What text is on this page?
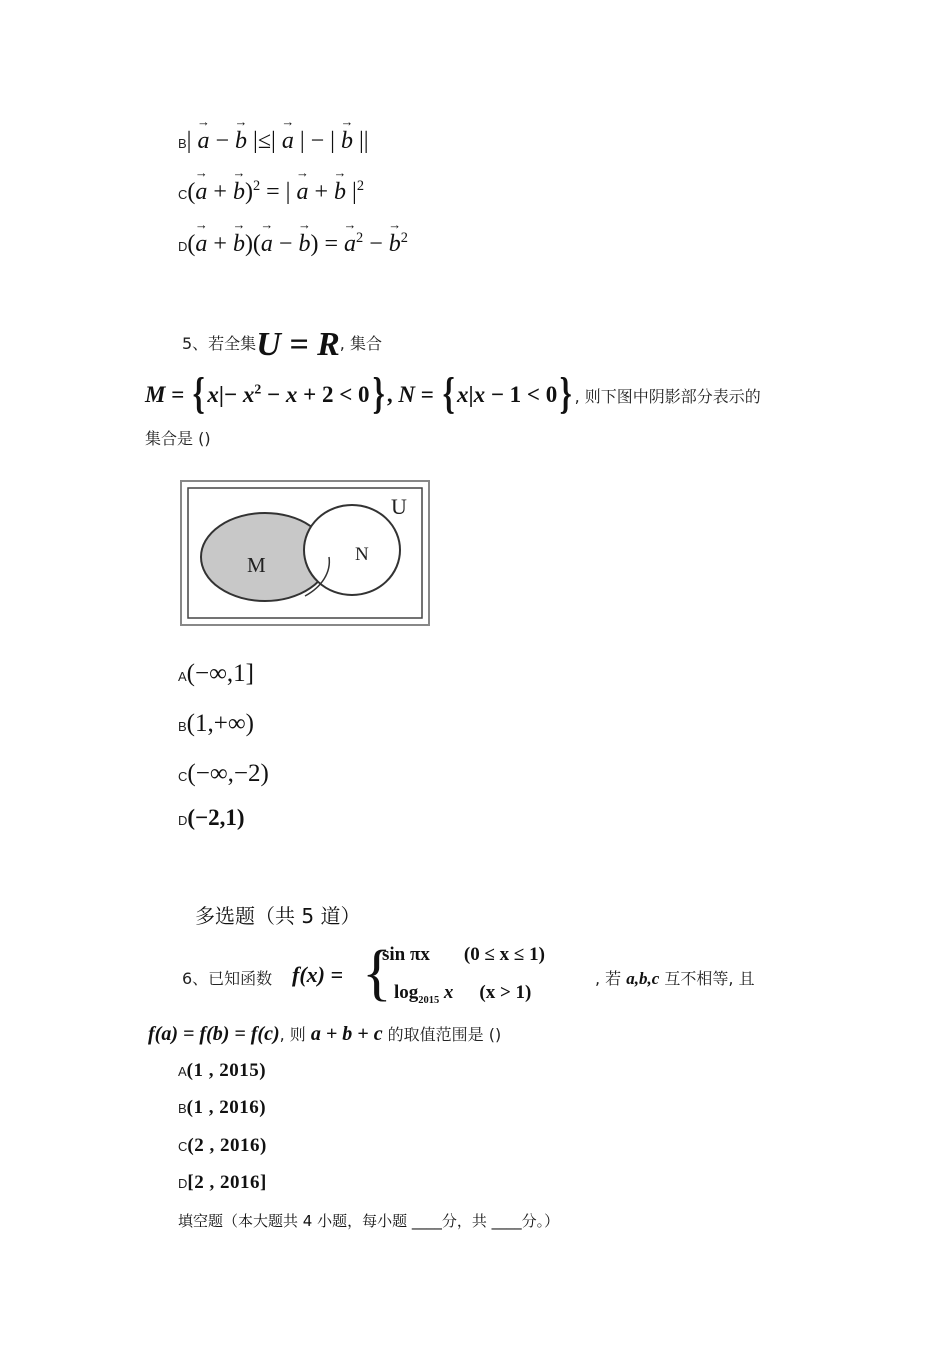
B| → a − → b |≤| → a | − | → b ||
C(→ a + → b)$^2$ = | → a + → b $|^2$
D(→ a + → b)(→ a − → b) = → $a^2$ − → $b^2$
5、若全集U = R, 集合
M = { $x|- x^2 - x + 2 < 0$} , N = { x|x − 1 < 0} , 则下图中阴影部分表示的
集合是 ()
U
M	N
A(−∞,1]
B(1,+∞)
C(−∞,−2)
D(−2,1)
多选题（共 5 道）
6、已知函数 f(x) = {
sin πx (0 ≤ x ≤ 1)
$\log_{2015} x$ (x > 1)
, 若 a,b,c 互不相等, 且
f(a) = f(b) = f(c), 则 a + b + c 的取值范围是 ()
A(1 , 2015)
B(1 , 2016)
C(2 , 2016)
D[2 , 2016]
填空题（本大题共 4 小题，每小题 ____分，共 ____分。）
